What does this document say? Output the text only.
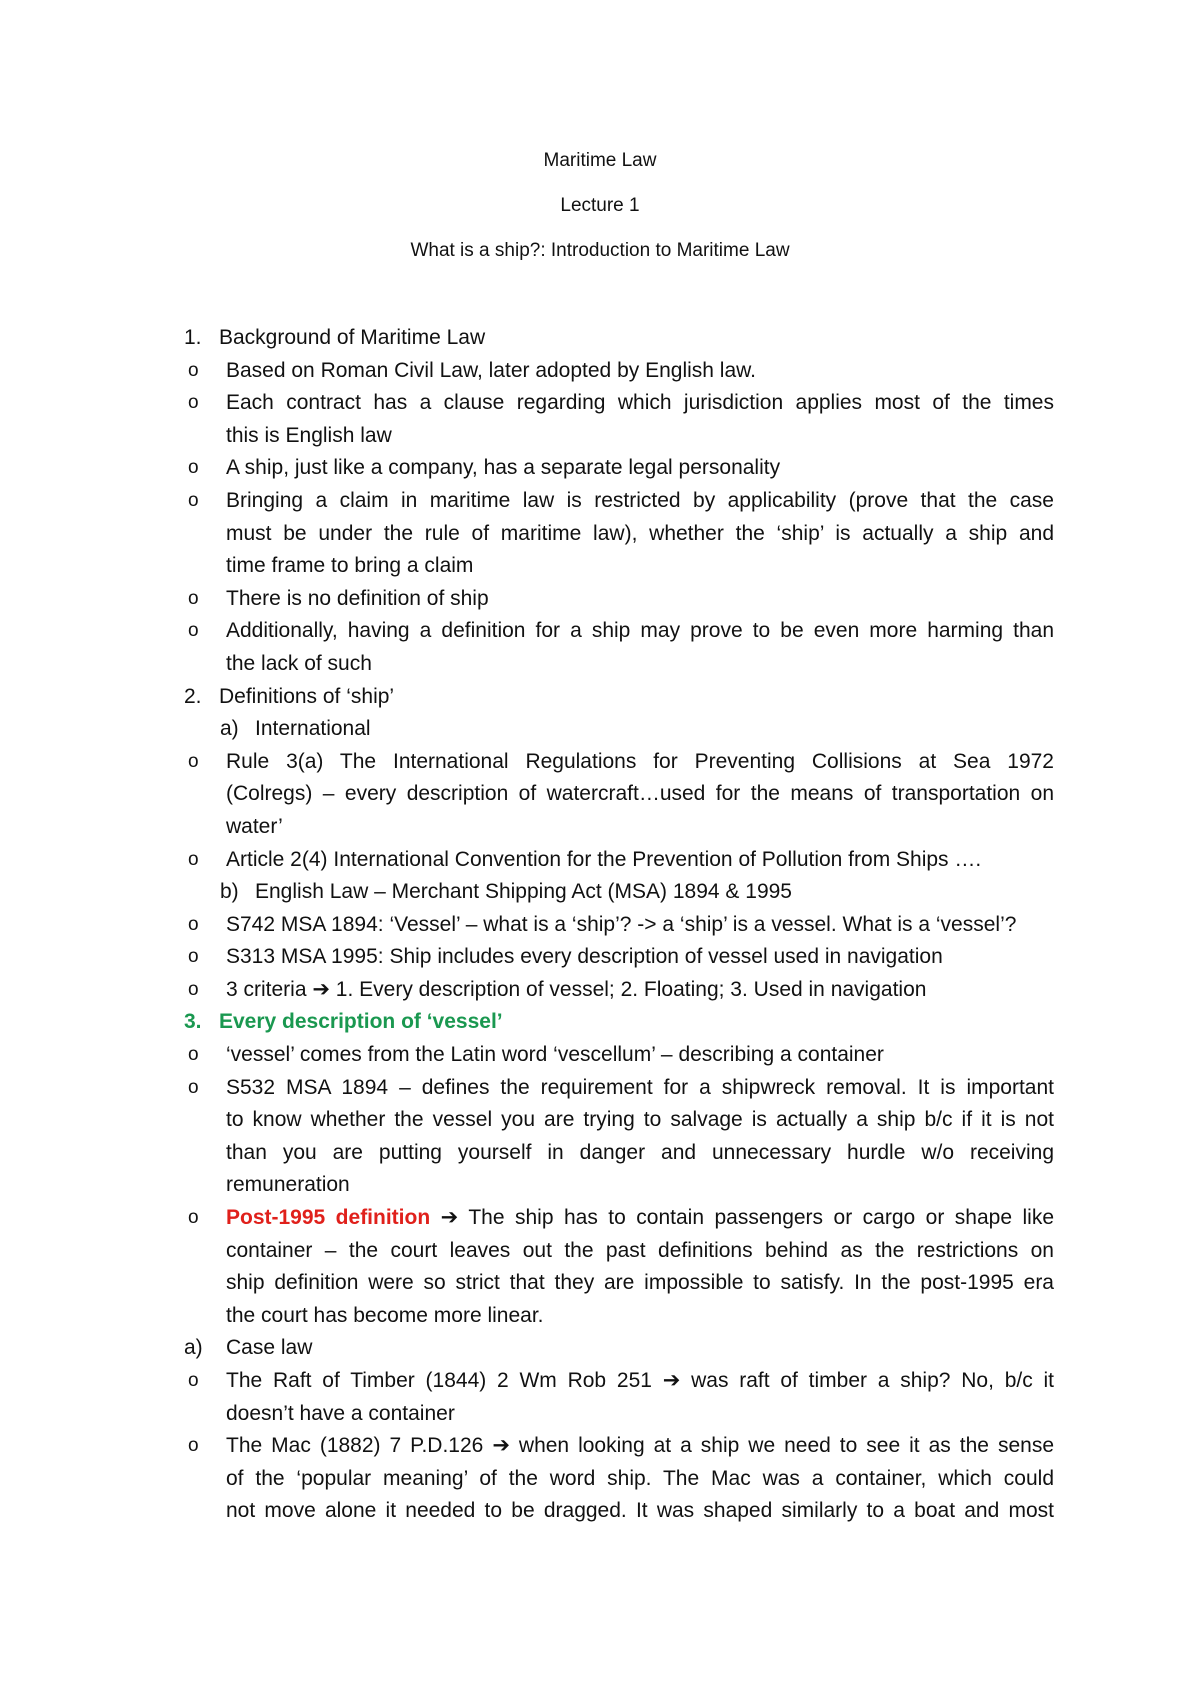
Maritime Law
Lecture 1
What is a ship?: Introduction to Maritime Law
1. Background of Maritime Law
o Based on Roman Civil Law, later adopted by English law.
o Each contract has a clause regarding which jurisdiction applies most of the times
this is English law
o A ship, just like a company, has a separate legal personality
o Bringing a claim in maritime law is restricted by applicability (prove that the case
must be under the rule of maritime law), whether the ‘ship’ is actually a ship and
time frame to bring a claim
o There is no definition of ship
o Additionally, having a definition for a ship may prove to be even more harming than
the lack of such
2. Definitions of ‘ship’
a) International
o Rule 3(a) The International Regulations for Preventing Collisions at Sea 1972
(Colregs) – every description of watercraft…used for the means of transportation on
water’
o Article 2(4) International Convention for the Prevention of Pollution from Ships ….
b) English Law – Merchant Shipping Act (MSA) 1894 & 1995
o S742 MSA 1894: ‘Vessel’ – what is a ‘ship’? -> a ‘ship’ is a vessel. What is a ‘vessel’?
o S313 MSA 1995: Ship includes every description of vessel used in navigation
o 3 criteria ➔ 1. Every description of vessel; 2. Floating; 3. Used in navigation
3. Every description of ‘vessel’
o ‘vessel’ comes from the Latin word ‘vescellum’ – describing a container
o S532 MSA 1894 – defines the requirement for a shipwreck removal. It is important
to know whether the vessel you are trying to salvage is actually a ship b/c if it is not
than you are putting yourself in danger and unnecessary hurdle w/o receiving
remuneration
o Post-1995 definition ➔ The ship has to contain passengers or cargo or shape like
container – the court leaves out the past definitions behind as the restrictions on
ship definition were so strict that they are impossible to satisfy. In the post-1995 era
the court has become more linear.
a) Case law
o The Raft of Timber (1844) 2 Wm Rob 251 ➔ was raft of timber a ship? No, b/c it
doesn’t have a container
o The Mac (1882) 7 P.D.126 ➔ when looking at a ship we need to see it as the sense
of the ‘popular meaning’ of the word ship. The Mac was a container, which could
not move alone it needed to be dragged. It was shaped similarly to a boat and most
